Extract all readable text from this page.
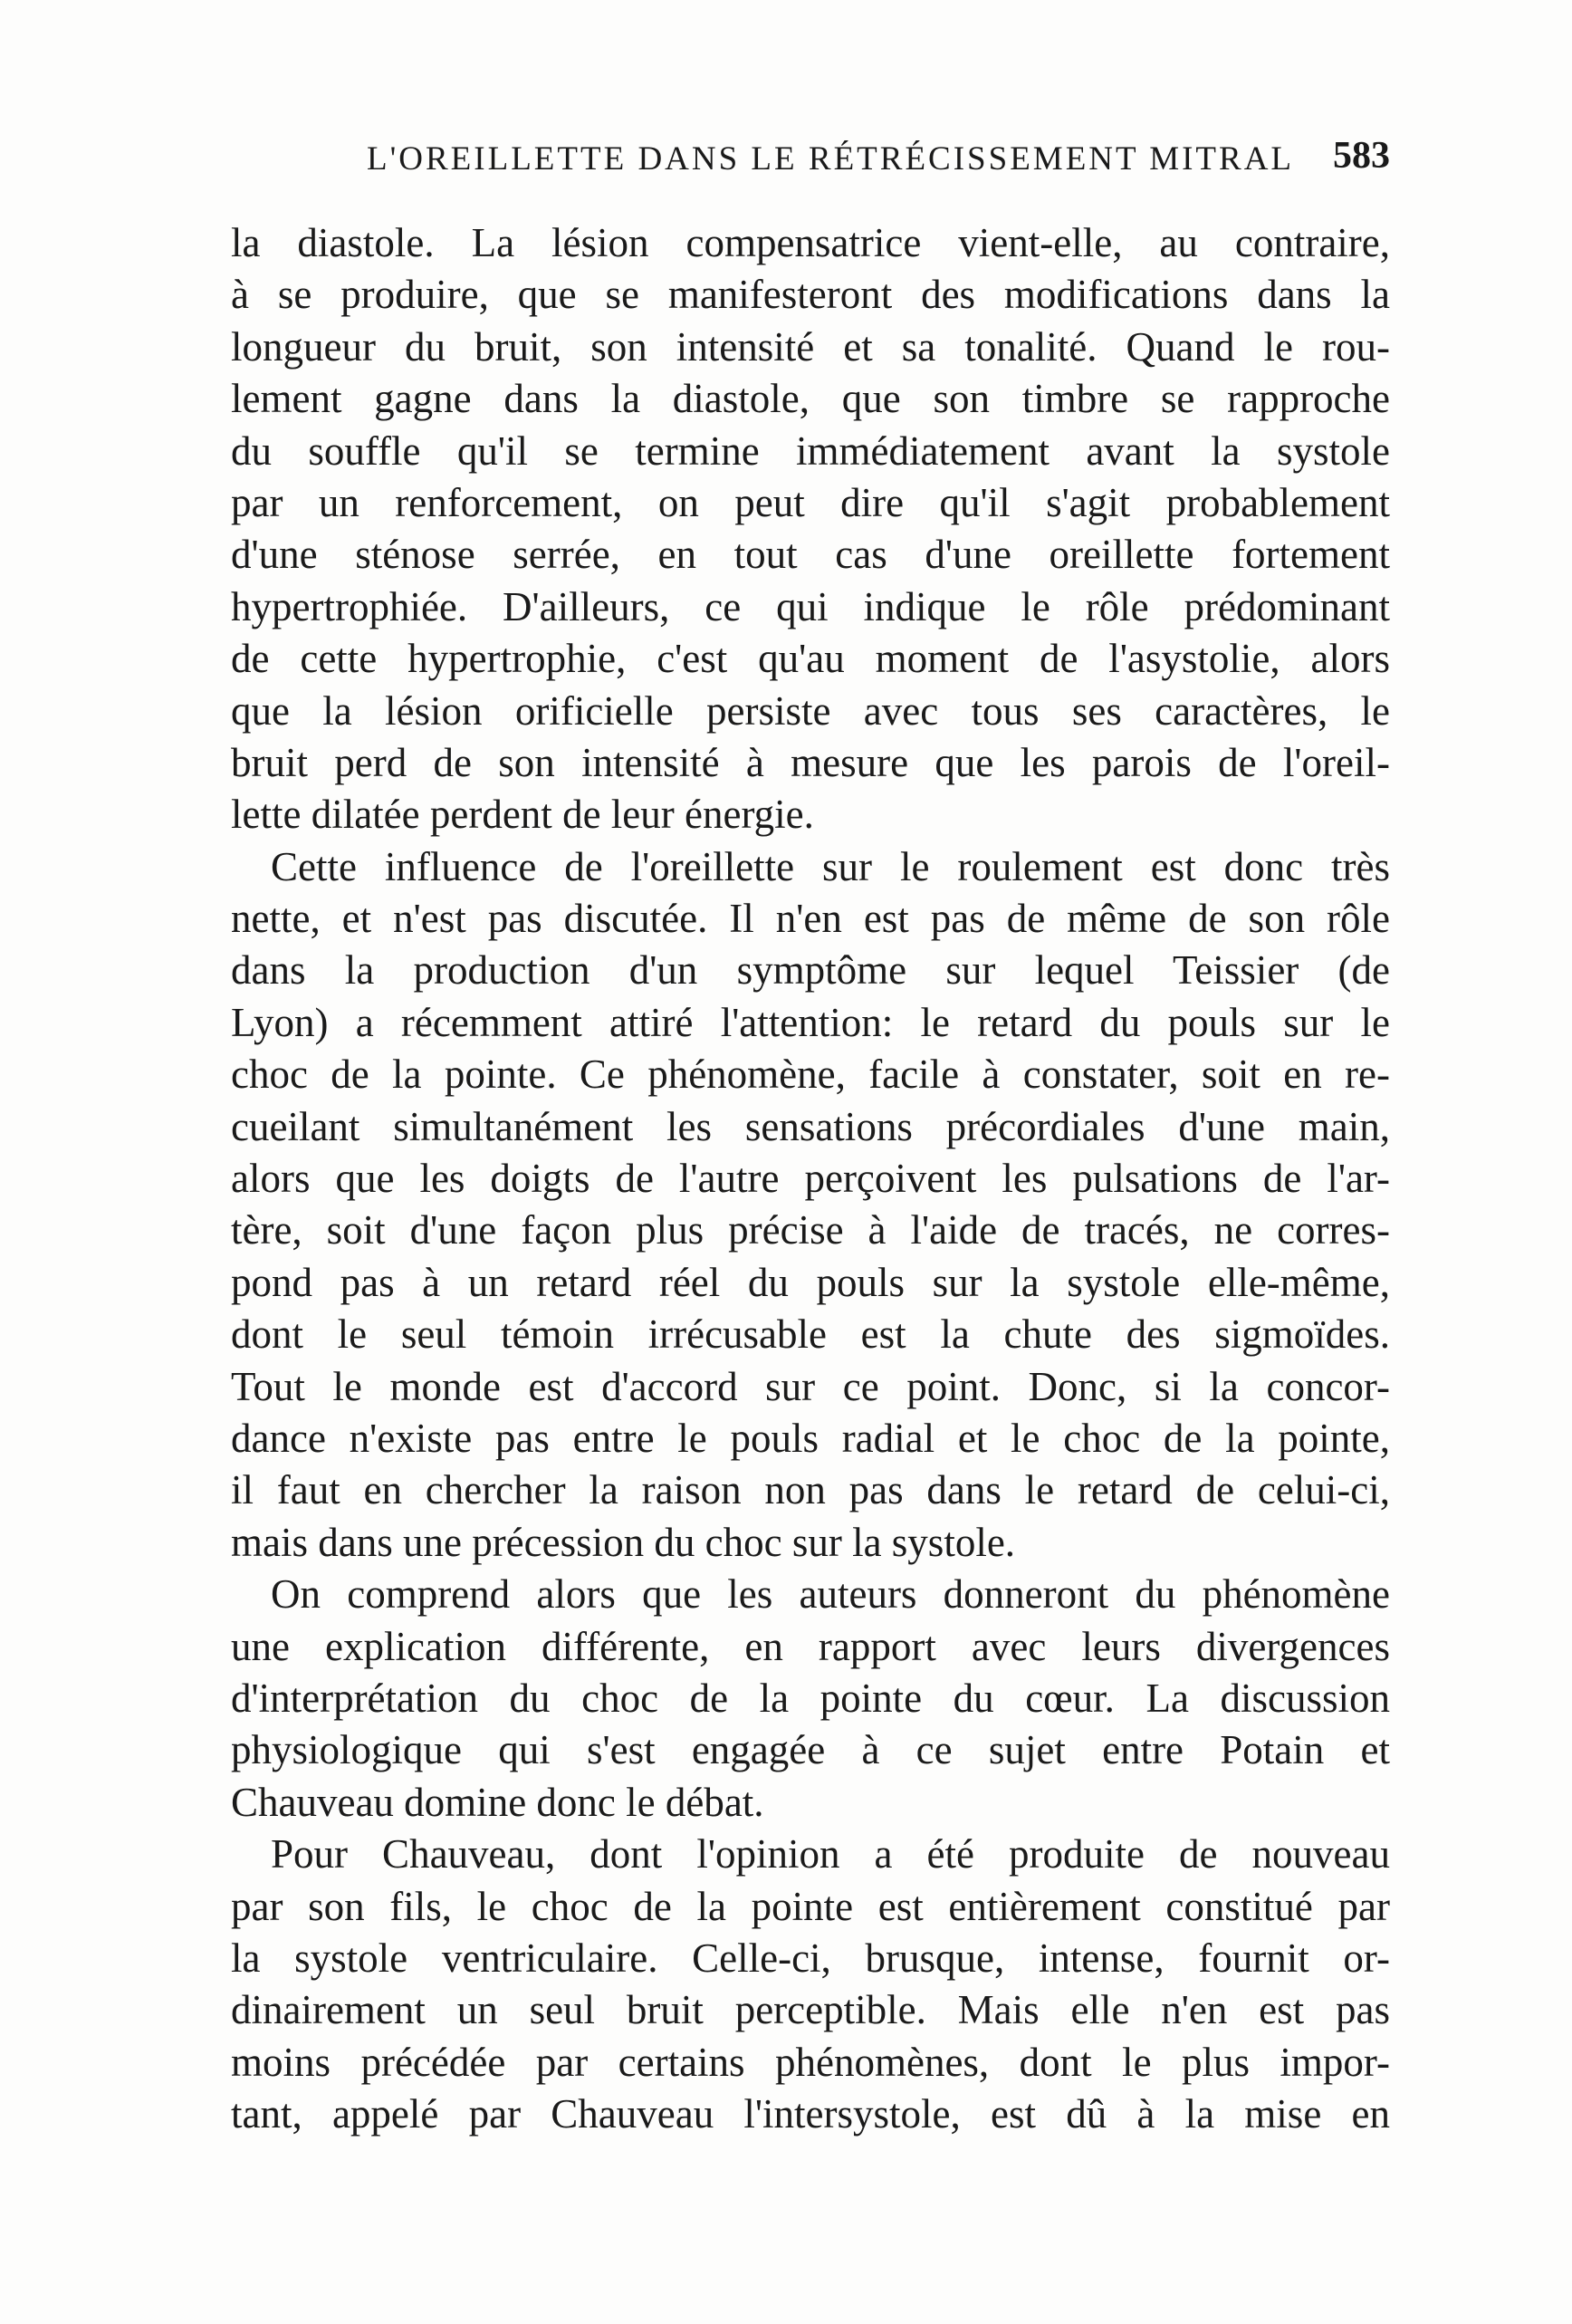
L'OREILLETTE DANS LE RÉTRÉCISSEMENT MITRAL 583
la diastole. La lésion compensatrice vient-elle, au contraire,
à se produire, que se manifesteront des modifications dans la
longueur du bruit, son intensité et sa tonalité. Quand le rou-
lement gagne dans la diastole, que son timbre se rapproche
du souffle qu'il se termine immédiatement avant la systole
par un renforcement, on peut dire qu'il s'agit probablement
d'une sténose serrée, en tout cas d'une oreillette fortement
hypertrophiée. D'ailleurs, ce qui indique le rôle prédominant
de cette hypertrophie, c'est qu'au moment de l'asystolie, alors
que la lésion orificielle persiste avec tous ses caractères, le
bruit perd de son intensité à mesure que les parois de l'oreil-
lette dilatée perdent de leur énergie.
Cette influence de l'oreillette sur le roulement est donc très
nette, et n'est pas discutée. Il n'en est pas de même de son rôle
dans la production d'un symptôme sur lequel Teissier (de
Lyon) a récemment attiré l'attention: le retard du pouls sur le
choc de la pointe. Ce phénomène, facile à constater, soit en re-
cueilant simultanément les sensations précordiales d'une main,
alors que les doigts de l'autre perçoivent les pulsations de l'ar-
tère, soit d'une façon plus précise à l'aide de tracés, ne corres-
pond pas à un retard réel du pouls sur la systole elle-même,
dont le seul témoin irrécusable est la chute des sigmoïdes.
Tout le monde est d'accord sur ce point. Donc, si la concor-
dance n'existe pas entre le pouls radial et le choc de la pointe,
il faut en chercher la raison non pas dans le retard de celui-ci,
mais dans une précession du choc sur la systole.
On comprend alors que les auteurs donneront du phénomène
une explication différente, en rapport avec leurs divergences
d'interprétation du choc de la pointe du cœur. La discussion
physiologique qui s'est engagée à ce sujet entre Potain et
Chauveau domine donc le débat.
Pour Chauveau, dont l'opinion a été produite de nouveau
par son fils, le choc de la pointe est entièrement constitué par
la systole ventriculaire. Celle-ci, brusque, intense, fournit or-
dinairement un seul bruit perceptible. Mais elle n'en est pas
moins précédée par certains phénomènes, dont le plus impor-
tant, appelé par Chauveau l'intersystole, est dû à la mise en
